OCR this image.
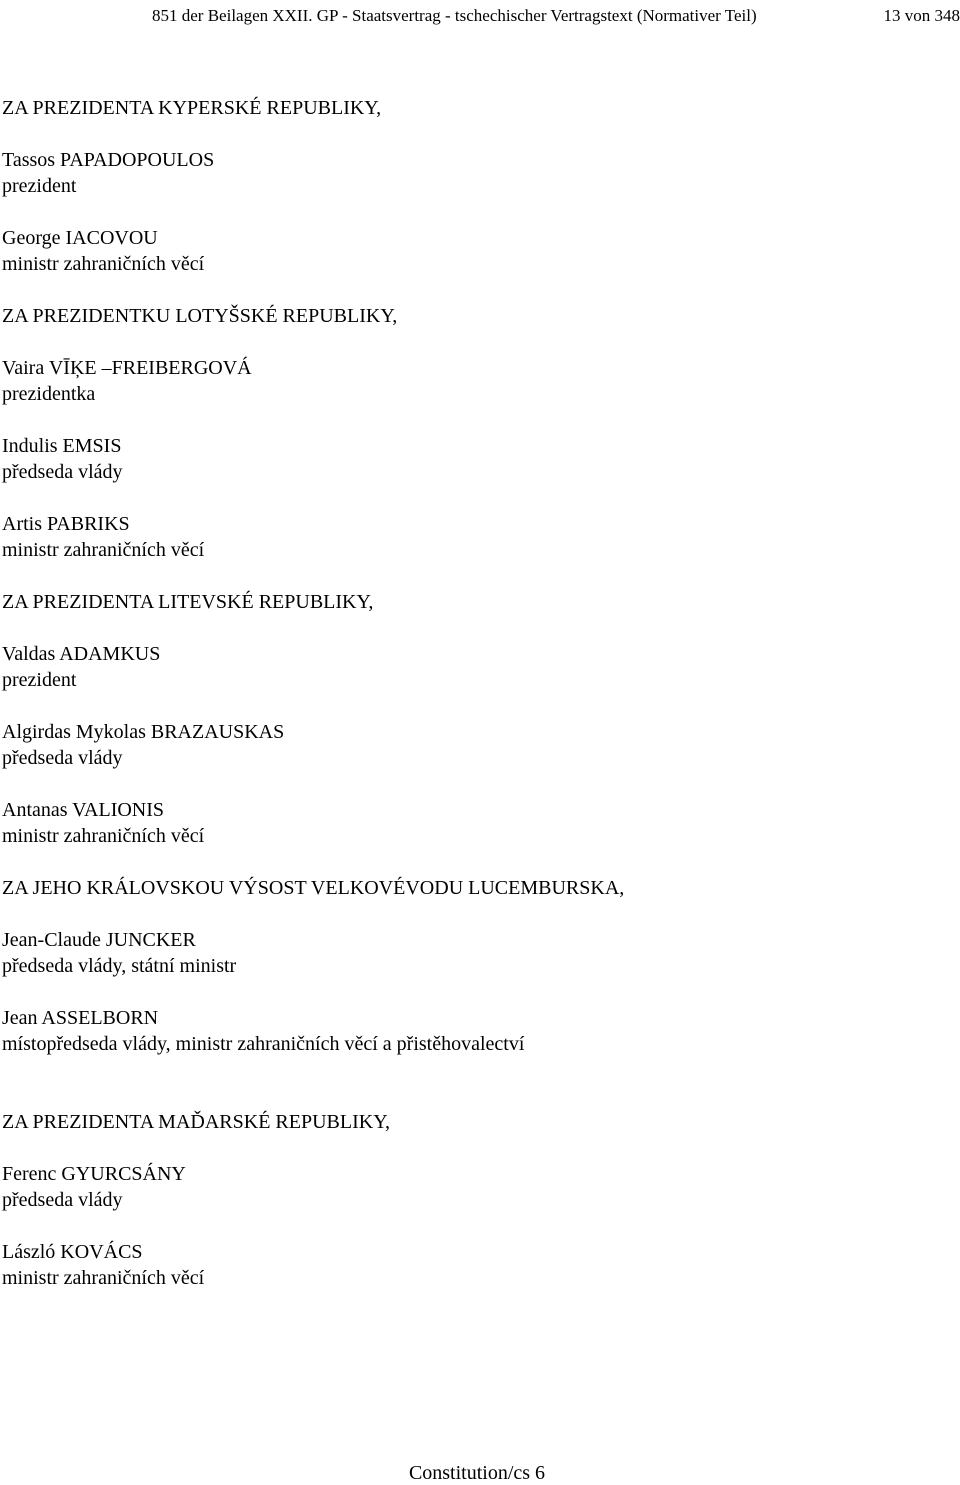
851 der Beilagen XXII. GP - Staatsvertrag - tschechischer Vertragstext (Normativer Teil)	13 von 348
ZA PREZIDENTA KYPERSKÉ REPUBLIKY,
Tassos PAPADOPOULOS
prezident
George IACOVOU
ministr zahraničních věcí
ZA PREZIDENTKU LOTYŠSKÉ REPUBLIKY,
Vaira VĪĶE –FREIBERGOVÁ
prezidentka
Indulis EMSIS
předseda vlády
Artis PABRIKS
ministr zahraničních věcí
ZA PREZIDENTA LITEVSKÉ REPUBLIKY,
Valdas ADAMKUS
prezident
Algirdas Mykolas BRAZAUSKAS
předseda vlády
Antanas VALIONIS
ministr zahraničních věcí
ZA JEHO KRÁLOVSKOU VÝSOST VELKOVÉVODU LUCEMBURSKA,
Jean-Claude JUNCKER
předseda vlády, státní ministr
Jean ASSELBORN
místopředseda vlády, ministr zahraničních věcí a přistěhovalectví
ZA PREZIDENTA MAĎARSKÉ REPUBLIKY,
Ferenc GYURCSÁNY
předseda vlády
László KOVÁCS
ministr zahraničních věcí
Constitution/cs 6
